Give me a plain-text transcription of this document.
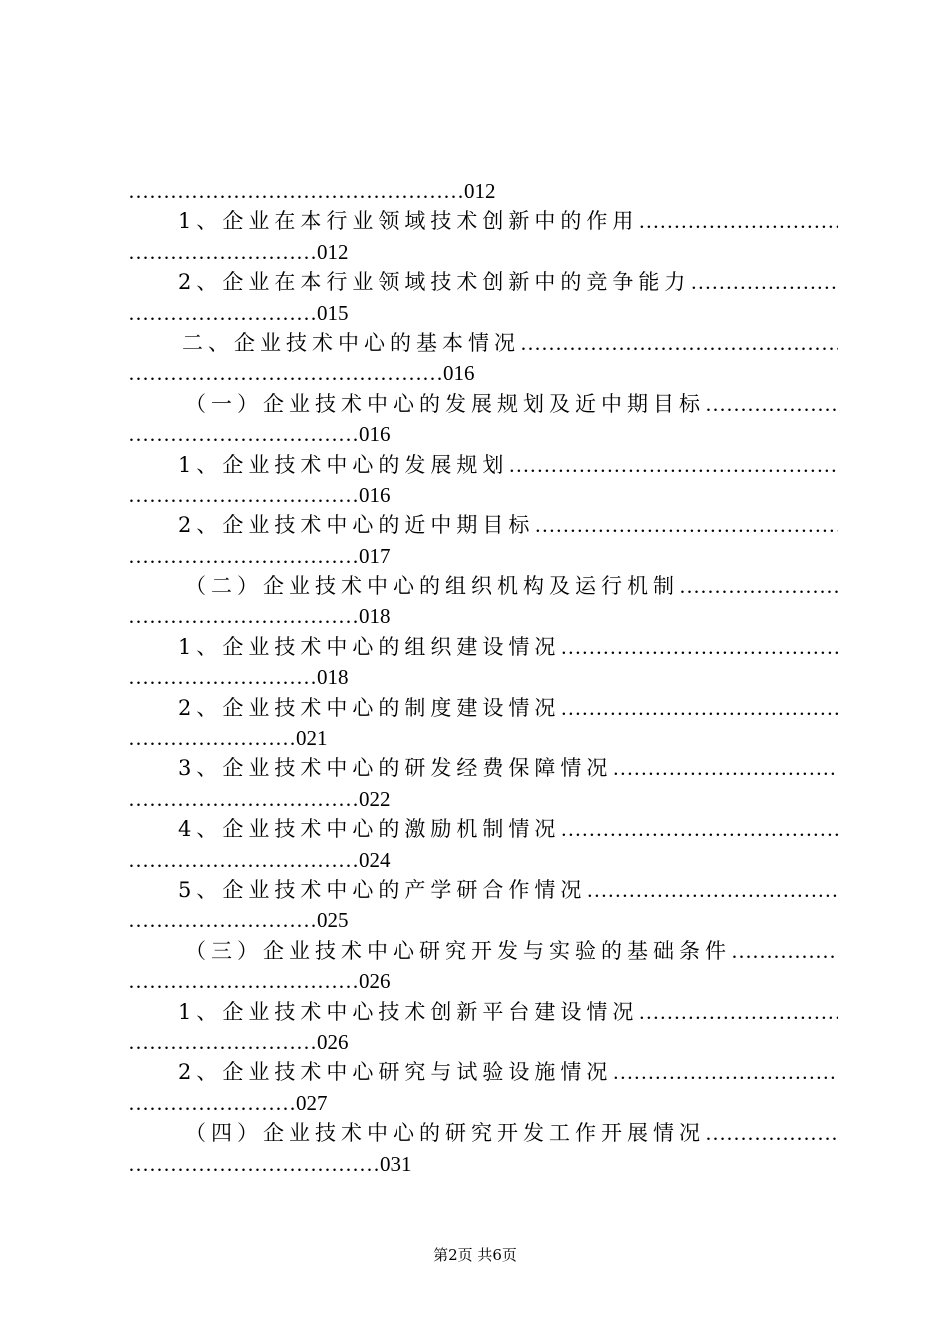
…………………………………………012
1、企业在本行业领域技术创新中的作用
……………………………………………………………………………………………………………………………………………………
………………………012
2、企业在本行业领域技术创新中的竞争能力
……………………………………………………………………………………………………………………………………………………
………………………015
二、企业技术中心的基本情况
……………………………………………………………………………………………………………………………………………………
………………………………………016
（一）企业技术中心的发展规划及近中期目标
……………………………………………………………………………………………………………………………………………………
……………………………016
1、企业技术中心的发展规划
……………………………………………………………………………………………………………………………………………………
……………………………016
2、企业技术中心的近中期目标
……………………………………………………………………………………………………………………………………………………
……………………………017
（二）企业技术中心的组织机构及运行机制
……………………………………………………………………………………………………………………………………………………
……………………………018
1、企业技术中心的组织建设情况
……………………………………………………………………………………………………………………………………………………
………………………018
2、企业技术中心的制度建设情况
……………………………………………………………………………………………………………………………………………………
……………………021
3、企业技术中心的研发经费保障情况
……………………………………………………………………………………………………………………………………………………
……………………………022
4、企业技术中心的激励机制情况
……………………………………………………………………………………………………………………………………………………
……………………………024
5、企业技术中心的产学研合作情况
……………………………………………………………………………………………………………………………………………………
………………………025
（三）企业技术中心研究开发与实验的基础条件
……………………………………………………………………………………………………………………………………………………
……………………………026
1、企业技术中心技术创新平台建设情况
……………………………………………………………………………………………………………………………………………………
………………………026
2、企业技术中心研究与试验设施情况
……………………………………………………………………………………………………………………………………………………
……………………027
（四）企业技术中心的研究开发工作开展情况
……………………………………………………………………………………………………………………………………………………
………………………………031
第2页 共6页
